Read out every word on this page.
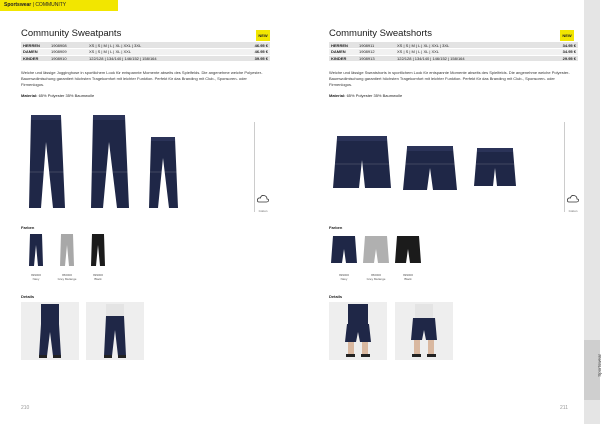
Sportswear | COMMUNITY
Community Sweatpants	NEW
HERREN	1908908	XS | S | M | L | XL | XXL | 3XL	46.95 €
DAMEN	1908909	XS | S | M | L | XL | XXL	46.95 €
KINDER	1908910	122/128 | 134/140 | 146/152 | 158/164	39.95 €
Weiche und lässige Jogginghose in sportlichem Look für entspannte Momente abseits des Spielfelds. Die angenehme weiche Polyester-Baumwollmischung garantiert höchsten Tragekomfort mit leichter Funktion. Perfekt für das Branding mit Club-, Sponsoren- oder Firmenlogos.
Material: 65% Polyester 35% Baumwolle
Cotton
Farben
999000
Navy
950000
Grey Melange
999000
Black
Details
210
Community Sweatshorts	NEW
HERREN	1908911	XS | S | M | L | XL | XXL | 3XL	34.95 €
DAMEN	1908912	XS | S | M | L | XL | XXL	34.95 €
KINDER	1908913	122/128 | 134/140 | 146/152 | 158/164	29.95 €
Weiche und lässige Sweatshorts in sportlichem Look für entspannte Momente abseits des Spielfelds. Die angenehme weiche Polyester-Baumwollmischung garantiert höchsten Tragekomfort mit leichter Funktion. Perfekt für das Branding mit Club-, Sponsoren- oder Firmenlogos.
Material: 65% Polyester 35% Baumwolle
Cotton
Farben
999000
Navy
950000
Grey Melange
999000
Black
Details
211
Sportswear
